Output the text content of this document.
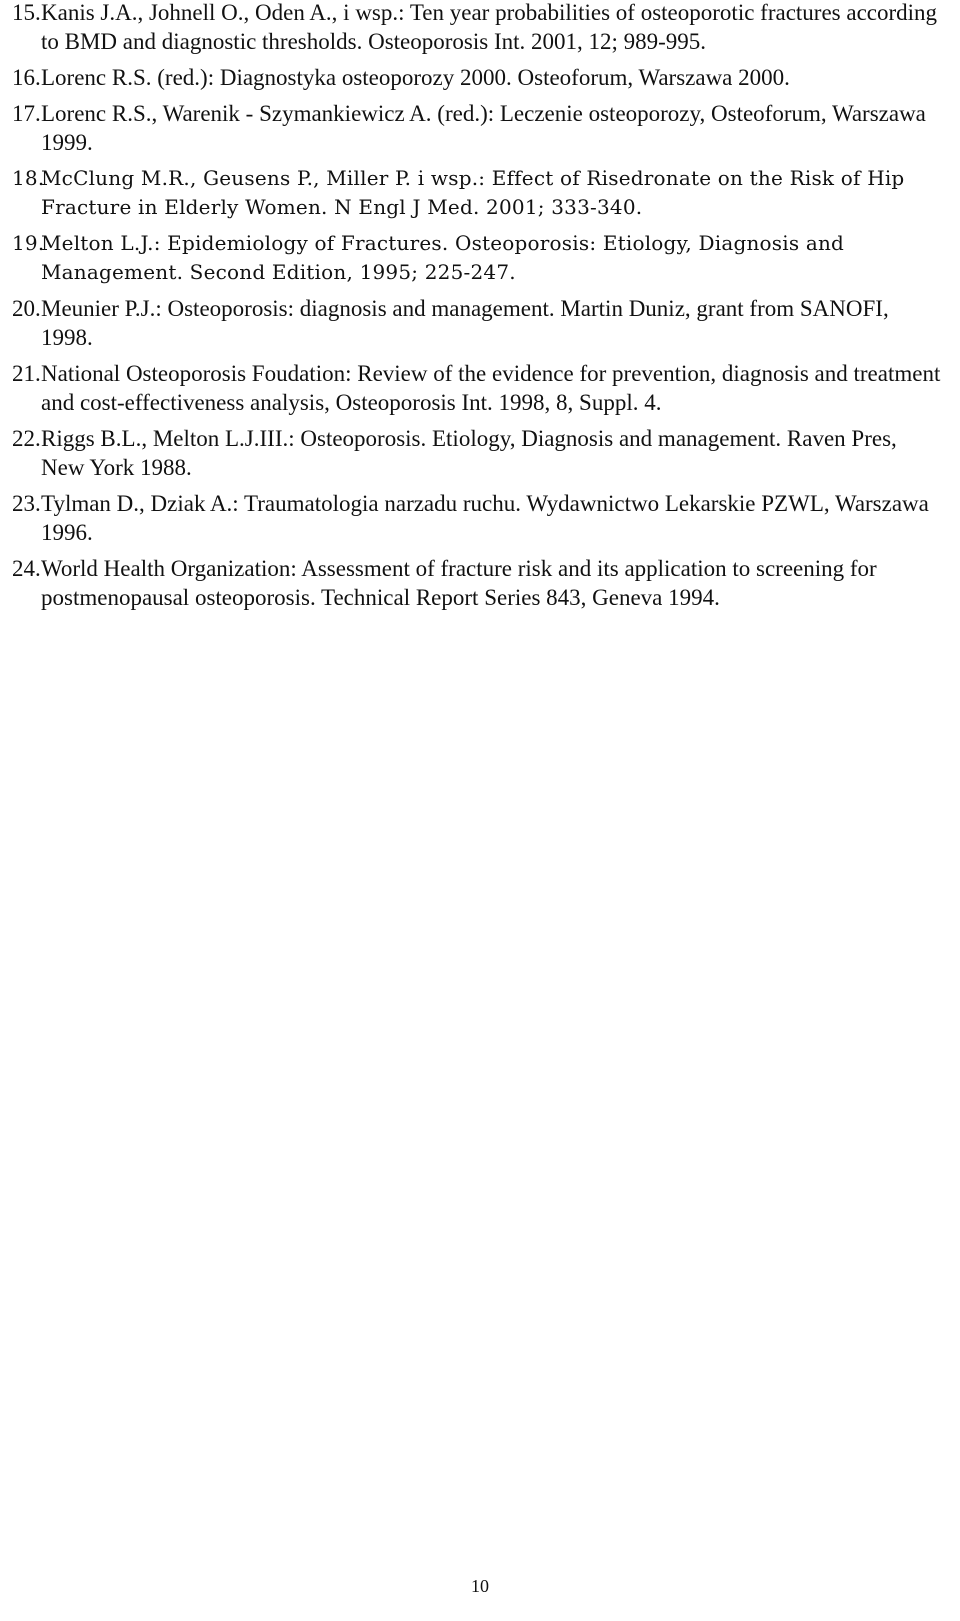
15. Kanis J.A., Johnell O., Oden A., i wsp.: Ten year probabilities of osteoporotic fractures according to BMD and diagnostic thresholds. Osteoporosis Int. 2001, 12; 989-995.
16. Lorenc R.S. (red.): Diagnostyka osteoporozy 2000. Osteoforum, Warszawa 2000.
17. Lorenc R.S., Warenik - Szymankiewicz A. (red.): Leczenie osteoporozy, Osteoforum, Warszawa 1999.
18.
McClung M.R., Geusens P., Miller P. i wsp.: Effect of Risedronate on the Risk of Hip Fracture in Elderly Women. N Engl J Med. 2001; 333-340.
19.
Melton L.J.: Epidemiology of Fractures. Osteoporosis: Etiology, Diagnosis and Management. Second Edition, 1995; 225-247.
20. Meunier P.J.: Osteoporosis: diagnosis and management. Martin Duniz, grant from SANOFI, 1998.
21. National Osteoporosis Foudation: Review of the evidence for prevention, diagnosis and treatment and cost-effectiveness analysis, Osteoporosis Int. 1998, 8, Suppl. 4.
22. Riggs B.L., Melton L.J.III.: Osteoporosis. Etiology, Diagnosis and management. Raven Pres, New York 1988.
23. Tylman D., Dziak A.: Traumatologia narzadu ruchu. Wydawnictwo Lekarskie PZWL, Warszawa 1996.
24. World Health Organization: Assessment of fracture risk and its application to screening for postmenopausal osteoporosis. Technical Report Series 843, Geneva 1994.
10
